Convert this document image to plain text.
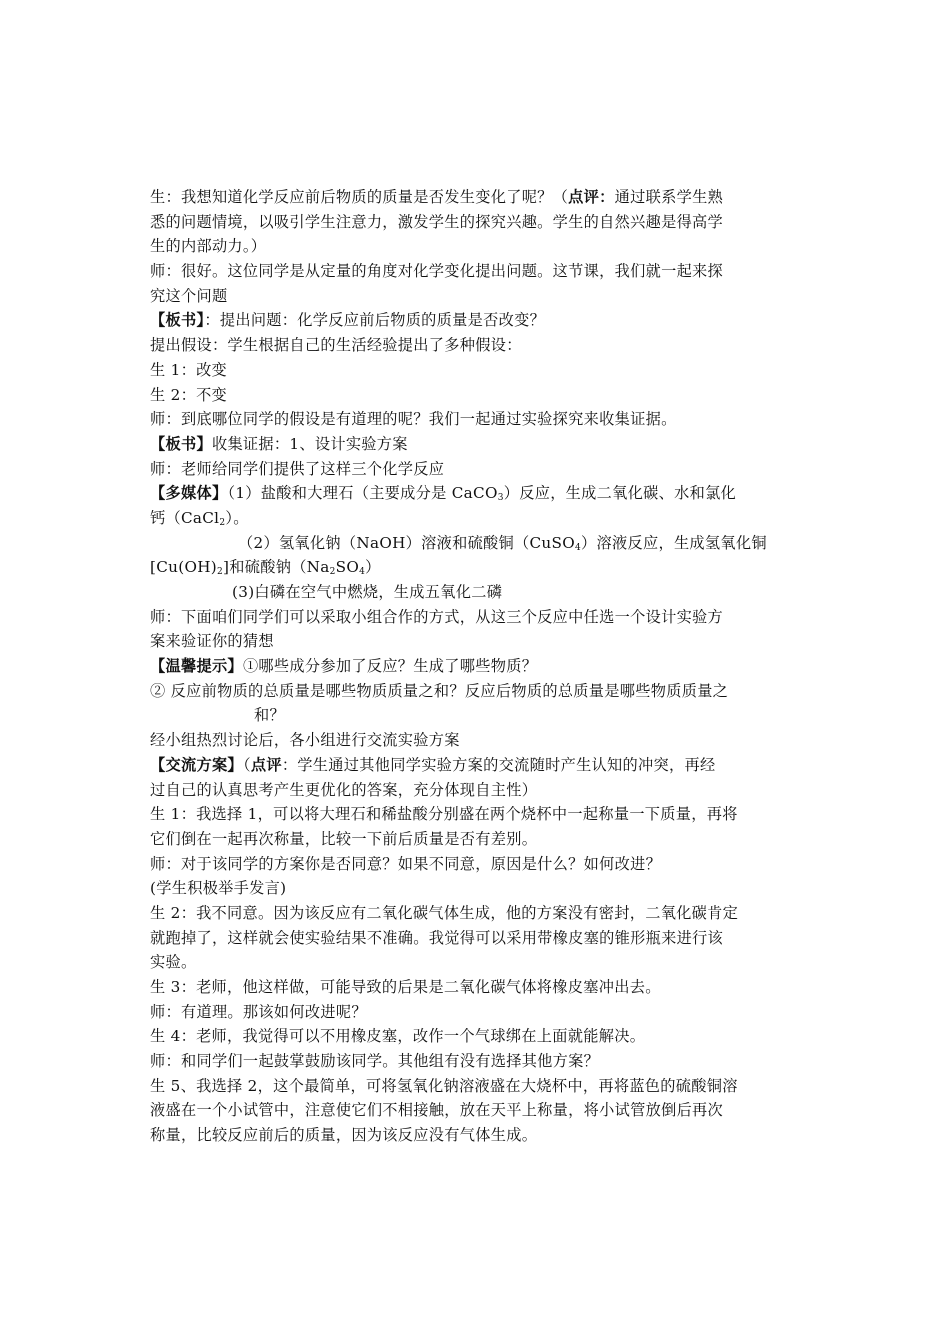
生：我想知道化学反应前后物质的质量是否发生变化了呢？（点评：通过联系学生熟
悉的问题情境，以吸引学生注意力，激发学生的探究兴趣。学生的自然兴趣是得高学
生的内部动力。）
师：很好。这位同学是从定量的角度对化学变化提出问题。这节课，我们就一起来探
究这个问题
【板书】：提出问题：化学反应前后物质的质量是否改变？
提出假设：学生根据自己的生活经验提出了多种假设：
生 1：改变
生 2：不变
师：到底哪位同学的假设是有道理的呢？我们一起通过实验探究来收集证据。
【板书】收集证据：1、设计实验方案
师：老师给同学们提供了这样三个化学反应
【多媒体】（1）盐酸和大理石（主要成分是 CaCO$_3$）反应，生成二氧化碳、水和氯化
钙（CaCl$_2$）。
（2）氢氧化钠（NaOH）溶液和硫酸铜（CuSO$_4$）溶液反应，生成氢氧化铜
$[Cu(OH)_2]$和硫酸钠$(Na_2SO_4)$
(3)白磷在空气中燃烧，生成五氧化二磷
师：下面咱们同学们可以采取小组合作的方式，从这三个反应中任选一个设计实验方
案来验证你的猜想
【温馨提示】①哪些成分参加了反应？生成了哪些物质？
② 反应前物质的总质量是哪些物质质量之和？反应后物质的总质量是哪些物质质量之
和？
经小组热烈讨论后，各小组进行交流实验方案
【交流方案】（点评：学生通过其他同学实验方案的交流随时产生认知的冲突，再经
过自己的认真思考产生更优化的答案，充分体现自主性）
生 1：我选择 1，可以将大理石和稀盐酸分别盛在两个烧杯中一起称量一下质量，再将
它们倒在一起再次称量，比较一下前后质量是否有差别。
师：对于该同学的方案你是否同意？如果不同意，原因是什么？如何改进？
(学生积极举手发言)
生 2：我不同意。因为该反应有二氧化碳气体生成，他的方案没有密封，二氧化碳肯定
就跑掉了，这样就会使实验结果不准确。我觉得可以采用带橡皮塞的锥形瓶来进行该
实验。
生 3：老师，他这样做，可能导致的后果是二氧化碳气体将橡皮塞冲出去。
师：有道理。那该如何改进呢？
生 4：老师，我觉得可以不用橡皮塞，改作一个气球绑在上面就能解决。
师：和同学们一起鼓掌鼓励该同学。其他组有没有选择其他方案？
生 5、我选择 2，这个最简单，可将氢氧化钠溶液盛在大烧杯中，再将蓝色的硫酸铜溶
液盛在一个小试管中，注意使它们不相接触，放在天平上称量，将小试管放倒后再次
称量，比较反应前后的质量，因为该反应没有气体生成。
